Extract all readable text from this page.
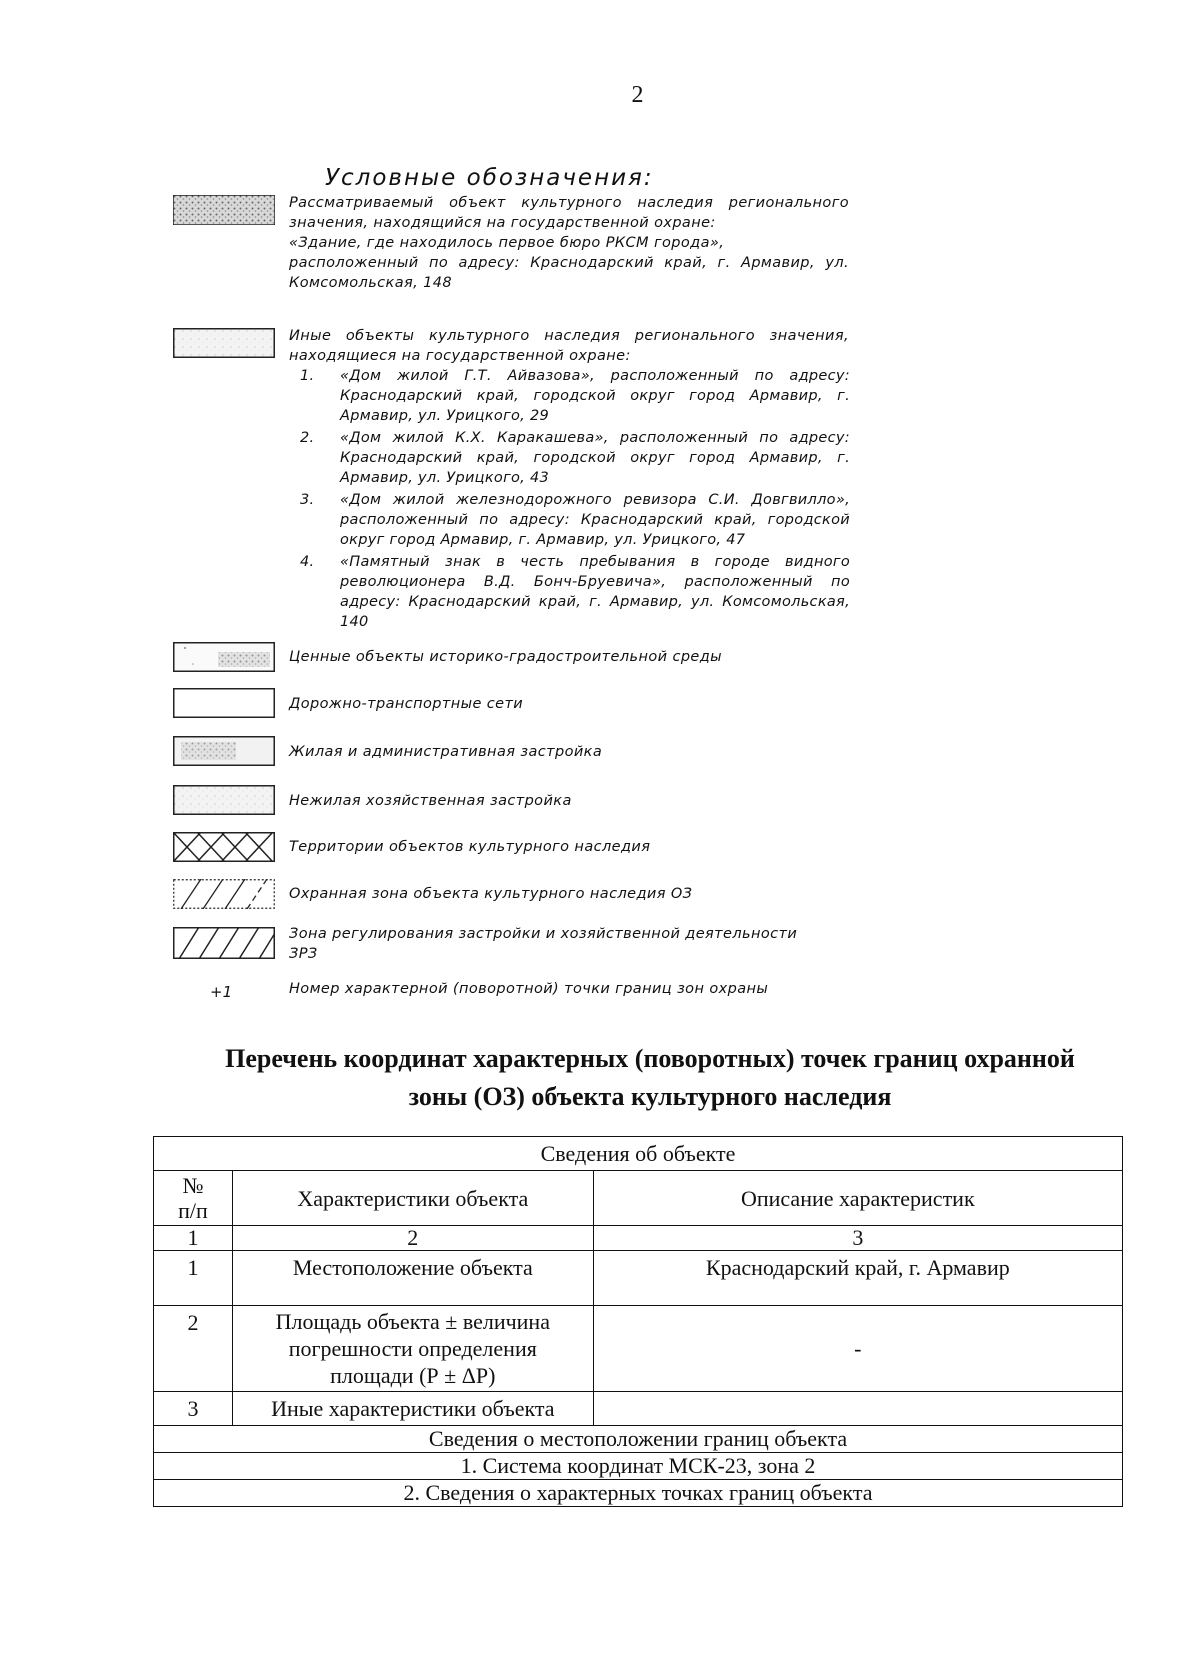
2
Условные обозначения:
Рассматриваемый объект культурного наследия регионального
значения, находящийся на государственной охране:
«Здание, где находилось первое бюро РКСМ города»,
расположенный по адресу: Краснодарский край, г. Армавир, ул.
Комсомольская, 148
Иные объекты культурного наследия регионального значения,
находящиеся на государственной охране:
1. «Дом жилой Г.Т. Айвазова», расположенный по адресу: Краснодарский край, городской округ город Армавир, г. Армавир, ул. Урицкого, 29
2. «Дом жилой К.Х. Каракашева», расположенный по адресу: Краснодарский край, городской округ город Армавир, г. Армавир, ул. Урицкого, 43
3. «Дом жилой железнодорожного ревизора С.И. Довгвилло», расположенный по адресу: Краснодарский край, городской округ город Армавир, г. Армавир, ул. Урицкого, 47
4. «Памятный знак в честь пребывания в городе видного революционера В.Д. Бонч-Бруевича», расположенный по адресу: Краснодарский край, г. Армавир, ул. Комсомольская, 140
Ценные объекты историко-градостроительной среды
Дорожно-транспортные сети
Жилая и административная застройка
Нежилая хозяйственная застройка
Территории объектов культурного наследия
Охранная зона объекта культурного наследия ОЗ
Зона регулирования застройки и хозяйственной деятельности
ЗРЗ
+1	Номер характерной (поворотной) точки границ зон охраны
Перечень координат характерных (поворотных) точек границ охранной
зоны (ОЗ) объекта культурного наследия
Сведения об объекте		
№ п/п	Характеристики объекта	Описание характеристик
1	2	3
1	Местоположение объекта	Краснодарский край, г. Армавир
2	Площадь объекта ± величина погрешности определения площади (Р ± ΔР)	-
3	Иные характеристики объекта	
Сведения о местоположении границ объекта		
1. Система координат МСК-23, зона 2		
2. Сведения о характерных точках границ объекта		
